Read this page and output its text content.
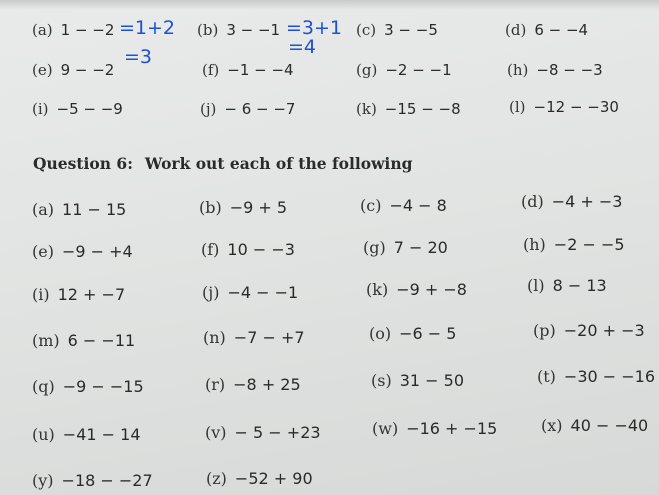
(a) 1 − −2	(b) 3 − −1	(c) 3 − −5	(d) 6 − −4
(e) 9 − −2	(f) −1 − −4	(g) −2 − −1	(h) −8 − −3
(i) −5 − −9	(j) − 6 − −7	(k) −15 − −8	(l) −12 − −30
=1+2
=3
=3+1
=4
Question 6: Work out each of the following
(a) 11 − 15	(b) −9 + 5	(c) −4 − 8	(d) −4 + −3
(e) −9 − +4	(f) 10 − −3	(g) 7 − 20	(h) −2 − −5
(i) 12 + −7	(j) −4 − −1	(k) −9 + −8	(l) 8 − 13
(m) 6 − −11	(n) −7 − +7	(o) −6 − 5	(p) −20 + −3
(q) −9 − −15	(r) −8 + 25	(s) 31 − 50	(t) −30 − −16
(u) −41 − 14	(v) − 5 − +23	(w) −16 + −15	(x) 40 − −40
(y) −18 − −27	(z) −52 + 90
